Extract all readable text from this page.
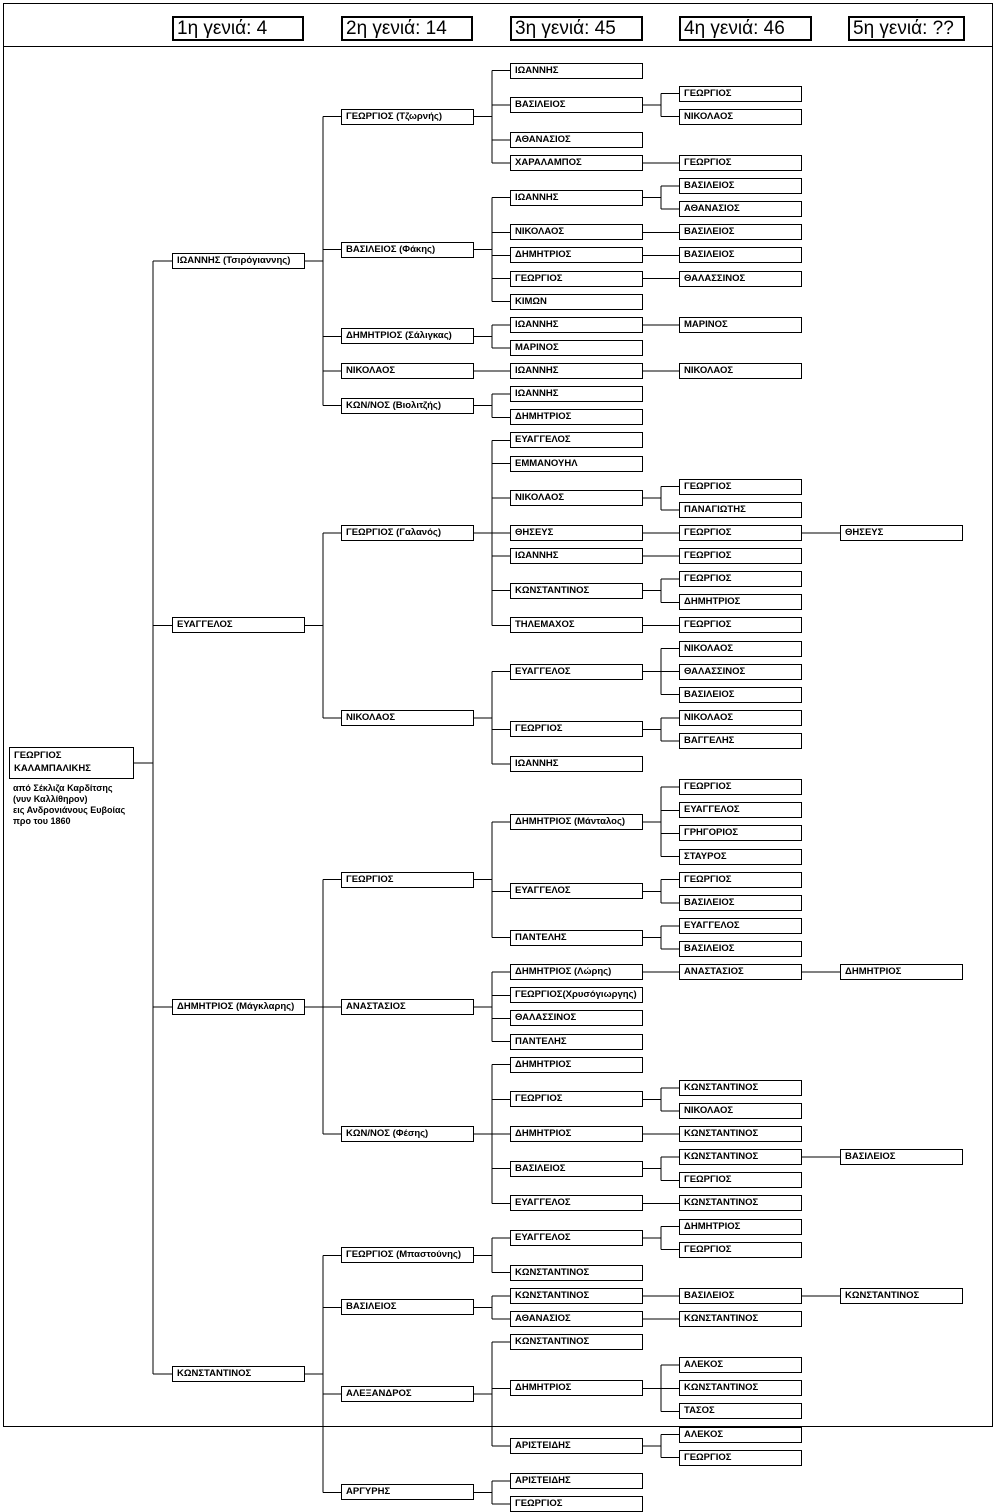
1η γενιά: 4	2η γενιά: 14	3η γενιά: 45	4η γενιά: 46	5η γενιά: ??
ΙΩΑΝΝΗΣ (Τσιρόγιαννης)
ΓΕΩΡΓΙΟΣ (Τζωρνής)
ΙΩΑΝΝΗΣ
ΒΑΣΙΛΕΙΟΣ
ΓΕΩΡΓΙΟΣ
ΝΙΚΟΛΑΟΣ
ΑΘΑΝΑΣΙΟΣ
ΧΑΡΑΛΑΜΠΟΣ	ΓΕΩΡΓΙΟΣ
ΒΑΣΙΛΕΙΟΣ (Φάκης)
ΙΩΑΝΝΗΣ
ΒΑΣΙΛΕΙΟΣ
ΑΘΑΝΑΣΙΟΣ
ΝΙΚΟΛΑΟΣ	ΒΑΣΙΛΕΙΟΣ
ΔΗΜΗΤΡΙΟΣ	ΒΑΣΙΛΕΙΟΣ
ΓΕΩΡΓΙΟΣ	ΘΑΛΑΣΣΙΝΟΣ
ΚΙΜΩΝ
ΔΗΜΗΤΡΙΟΣ (Σάλιγκας)
ΙΩΑΝΝΗΣ	ΜΑΡΙΝΟΣ
ΜΑΡΙΝΟΣ
ΝΙΚΟΛΑΟΣ	ΙΩΑΝΝΗΣ	ΝΙΚΟΛΑΟΣ
ΚΩΝ/ΝΟΣ (Βιολιτζής)
ΙΩΑΝΝΗΣ
ΔΗΜΗΤΡΙΟΣ
ΕΥΑΓΓΕΛΟΣ
ΓΕΩΡΓΙΟΣ (Γαλανός)
ΕΥΑΓΓΕΛΟΣ
ΕΜΜΑΝΟΥΗΛ
ΝΙΚΟΛΑΟΣ
ΓΕΩΡΓΙΟΣ
ΠΑΝΑΓΙΩΤΗΣ
ΘΗΣΕΥΣ	ΓΕΩΡΓΙΟΣ	ΘΗΣΕΥΣ
ΙΩΑΝΝΗΣ	ΓΕΩΡΓΙΟΣ
ΚΩΝΣΤΑΝΤΙΝΟΣ
ΓΕΩΡΓΙΟΣ
ΔΗΜΗΤΡΙΟΣ
ΤΗΛΕΜΑΧΟΣ	ΓΕΩΡΓΙΟΣ
ΝΙΚΟΛΑΟΣ
ΕΥΑΓΓΕΛΟΣ
ΝΙΚΟΛΑΟΣ
ΘΑΛΑΣΣΙΝΟΣ
ΒΑΣΙΛΕΙΟΣ
ΓΕΩΡΓΙΟΣ
ΝΙΚΟΛΑΟΣ
ΒΑΓΓΕΛΗΣ
ΙΩΑΝΝΗΣ
ΔΗΜΗΤΡΙΟΣ (Μάγκλαρης)
ΓΕΩΡΓΙΟΣ
ΔΗΜΗΤΡΙΟΣ (Μάνταλος)
ΓΕΩΡΓΙΟΣ
ΕΥΑΓΓΕΛΟΣ
ΓΡΗΓΟΡΙΟΣ
ΣΤΑΥΡΟΣ
ΕΥΑΓΓΕΛΟΣ
ΓΕΩΡΓΙΟΣ
ΒΑΣΙΛΕΙΟΣ
ΠΑΝΤΕΛΗΣ
ΕΥΑΓΓΕΛΟΣ
ΒΑΣΙΛΕΙΟΣ
ΑΝΑΣΤΑΣΙΟΣ
ΔΗΜΗΤΡΙΟΣ (Λώρης)	ΑΝΑΣΤΑΣΙΟΣ	ΔΗΜΗΤΡΙΟΣ
ΓΕΩΡΓΙΟΣ(Χρυσόγιωργης)
ΘΑΛΑΣΣΙΝΟΣ
ΠΑΝΤΕΛΗΣ
ΚΩΝ/ΝΟΣ (Φέσης)
ΔΗΜΗΤΡΙΟΣ
ΓΕΩΡΓΙΟΣ
ΚΩΝΣΤΑΝΤΙΝΟΣ
ΝΙΚΟΛΑΟΣ
ΔΗΜΗΤΡΙΟΣ	ΚΩΝΣΤΑΝΤΙΝΟΣ
ΒΑΣΙΛΕΙΟΣ
ΚΩΝΣΤΑΝΤΙΝΟΣ	ΒΑΣΙΛΕΙΟΣ
ΓΕΩΡΓΙΟΣ
ΕΥΑΓΓΕΛΟΣ	ΚΩΝΣΤΑΝΤΙΝΟΣ
ΚΩΝΣΤΑΝΤΙΝΟΣ
ΓΕΩΡΓΙΟΣ (Μπαστούνης)
ΕΥΑΓΓΕΛΟΣ
ΔΗΜΗΤΡΙΟΣ
ΓΕΩΡΓΙΟΣ
ΚΩΝΣΤΑΝΤΙΝΟΣ
ΒΑΣΙΛΕΙΟΣ
ΚΩΝΣΤΑΝΤΙΝΟΣ	ΒΑΣΙΛΕΙΟΣ	ΚΩΝΣΤΑΝΤΙΝΟΣ
ΑΘΑΝΑΣΙΟΣ	ΚΩΝΣΤΑΝΤΙΝΟΣ
ΑΛΕΞΑΝΔΡΟΣ
ΚΩΝΣΤΑΝΤΙΝΟΣ
ΔΗΜΗΤΡΙΟΣ
ΑΛΕΚΟΣ
ΚΩΝΣΤΑΝΤΙΝΟΣ
ΤΑΣΟΣ
ΑΡΙΣΤΕΙΔΗΣ
ΑΛΕΚΟΣ
ΓΕΩΡΓΙΟΣ
ΑΡΓΥΡΗΣ
ΑΡΙΣΤΕΙΔΗΣ
ΓΕΩΡΓΙΟΣ
ΓΕΩΡΓΙΟΣ ΚΑΛΑΜΠΑΛΙΚΗΣ
από Σέκλιζα Καρδίτσης
(νυν Καλλίθηρον)
εις Ανδρονιάνους Ευβοίας
προ του 1860
